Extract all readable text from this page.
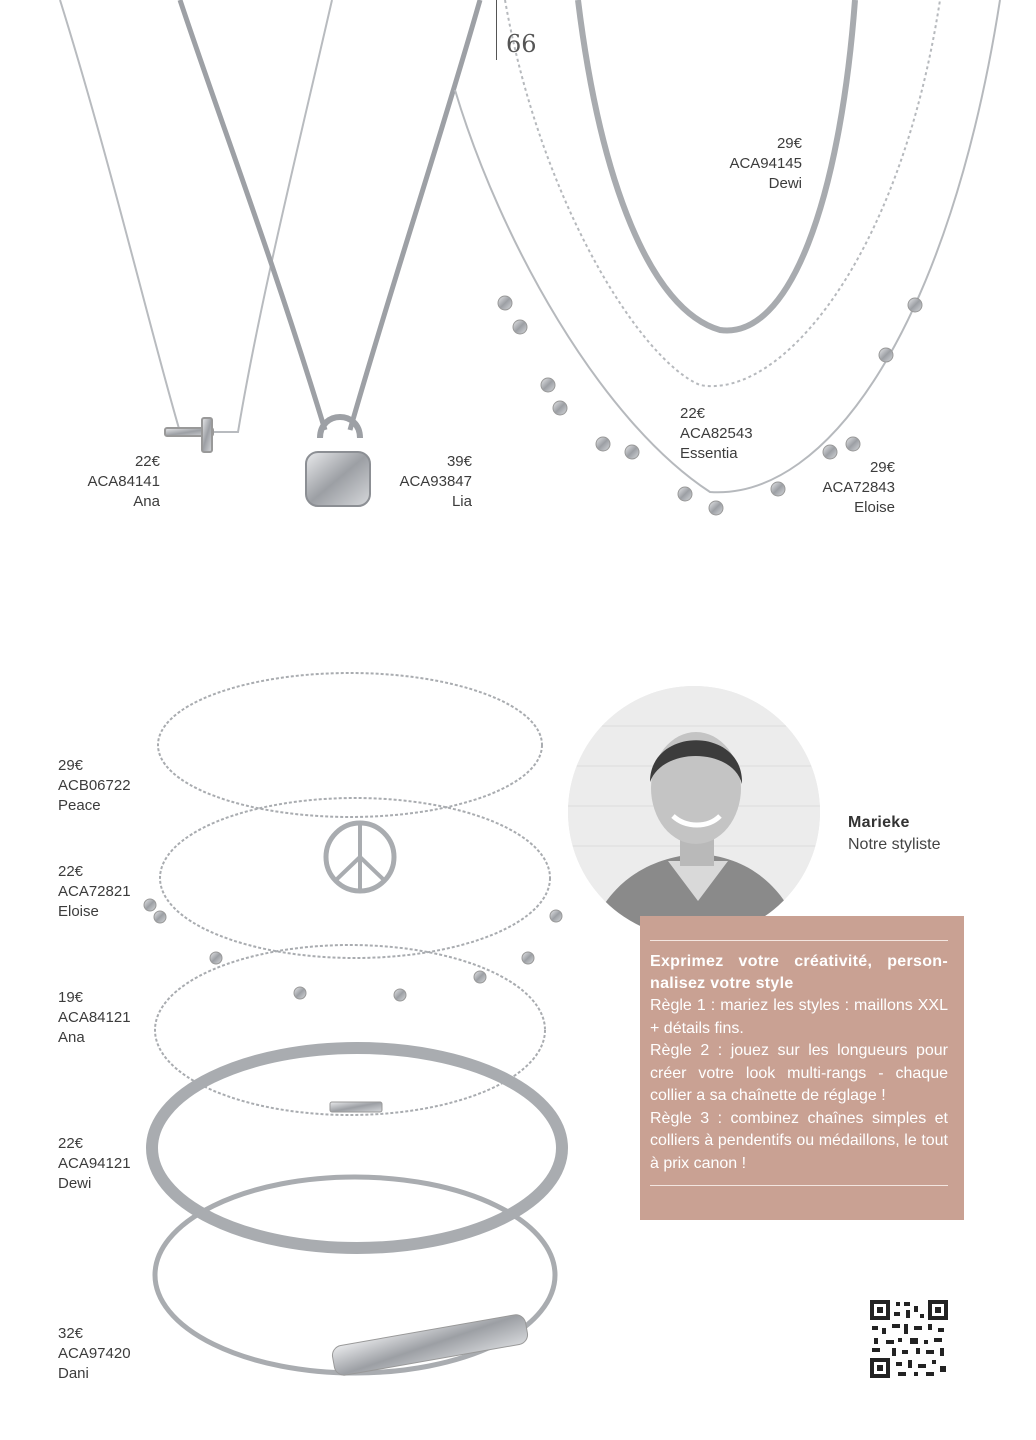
66
22€
ACA84141
Ana
39€
ACA93847
Lia
29€
ACA94145
Dewi
22€
ACA82543
Essentia
29€
ACA72843
Eloise
29€
ACB06722
Peace
22€
ACA72821
Eloise
19€
ACA84121
Ana
22€
ACA94121
Dewi
32€
ACA97420
Dani
Marieke
Notre styliste
Exprimez votre créativité, person-nalisez votre style

Règle 1 : mariez les styles : maillons XXL + détails fins.

Règle 2 : jouez sur les longueurs pour créer votre look multi-rangs - chaque collier a sa chaînette de réglage !

Règle 3 : combinez chaînes simples et colliers à pendentifs ou médaillons, le tout à prix canon !
